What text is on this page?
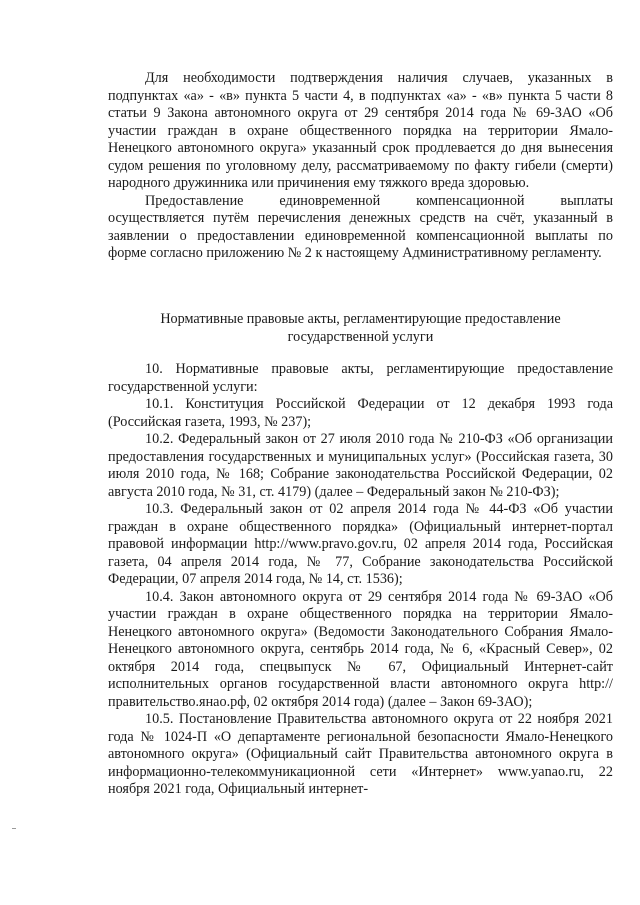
Для необходимости подтверждения наличия случаев, указанных в подпунктах «а» - «в» пункта 5 части 4, в подпунктах «а» - «в» пункта 5 части 8 статьи 9 Закона автономного округа от 29 сентября 2014 года № 69-ЗАО «Об участии граждан в охране общественного порядка на территории Ямало-Ненецкого автономного округа» указанный срок продлевается до дня вынесения судом решения по уголовному делу, рассматриваемому по факту гибели (смерти) народного дружинника или причинения ему тяжкого вреда здоровью.

Предоставление единовременной компенсационной выплаты осуществляется путём перечисления денежных средств на счёт, указанный в заявлении о предоставлении единовременной компенсационной выплаты по форме согласно приложению № 2 к настоящему Административному регламенту.

Нормативные правовые акты, регламентирующие предоставление
государственной услуги

10. Нормативные правовые акты, регламентирующие предоставление государственной услуги:

10.1. Конституция Российской Федерации от 12 декабря 1993 года (Российская газета, 1993, № 237);

10.2. Федеральный закон от 27 июля 2010 года № 210-ФЗ «Об организации предоставления государственных и муниципальных услуг» (Российская газета, 30 июля 2010 года, № 168; Собрание законодательства Российской Федерации, 02 августа 2010 года, № 31, ст. 4179) (далее – Федеральный закон № 210-ФЗ);

10.3. Федеральный закон от 02 апреля 2014 года № 44-ФЗ «Об участии граждан в охране общественного порядка» (Официальный интернет-портал правовой информации http://www.pravo.gov.ru, 02 апреля 2014 года, Российская газета, 04 апреля 2014 года, № 77, Собрание законодательства Российской Федерации, 07 апреля 2014 года, № 14, ст. 1536);

10.4. Закон автономного округа от 29 сентября 2014 года № 69-ЗАО «Об участии граждан в охране общественного порядка на территории Ямало-Ненецкого автономного округа» (Ведомости Законодательного Собрания Ямало-Ненецкого автономного округа, сентябрь 2014 года, № 6, «Красный Север», 02 октября 2014 года, спецвыпуск № 67, Официальный Интернет-сайт исполнительных органов государственной власти автономного округа http://правительство.янао.рф, 02 октября 2014 года) (далее – Закон 69-ЗАО);

10.5. Постановление Правительства автономного округа от 22 ноября 2021 года № 1024-П «О департаменте региональной безопасности Ямало-Ненецкого автономного округа» (Официальный сайт Правительства автономного округа в информационно-телекоммуникационной сети «Интернет» www.yanao.ru, 22 ноября 2021 года, Официальный интернет-
